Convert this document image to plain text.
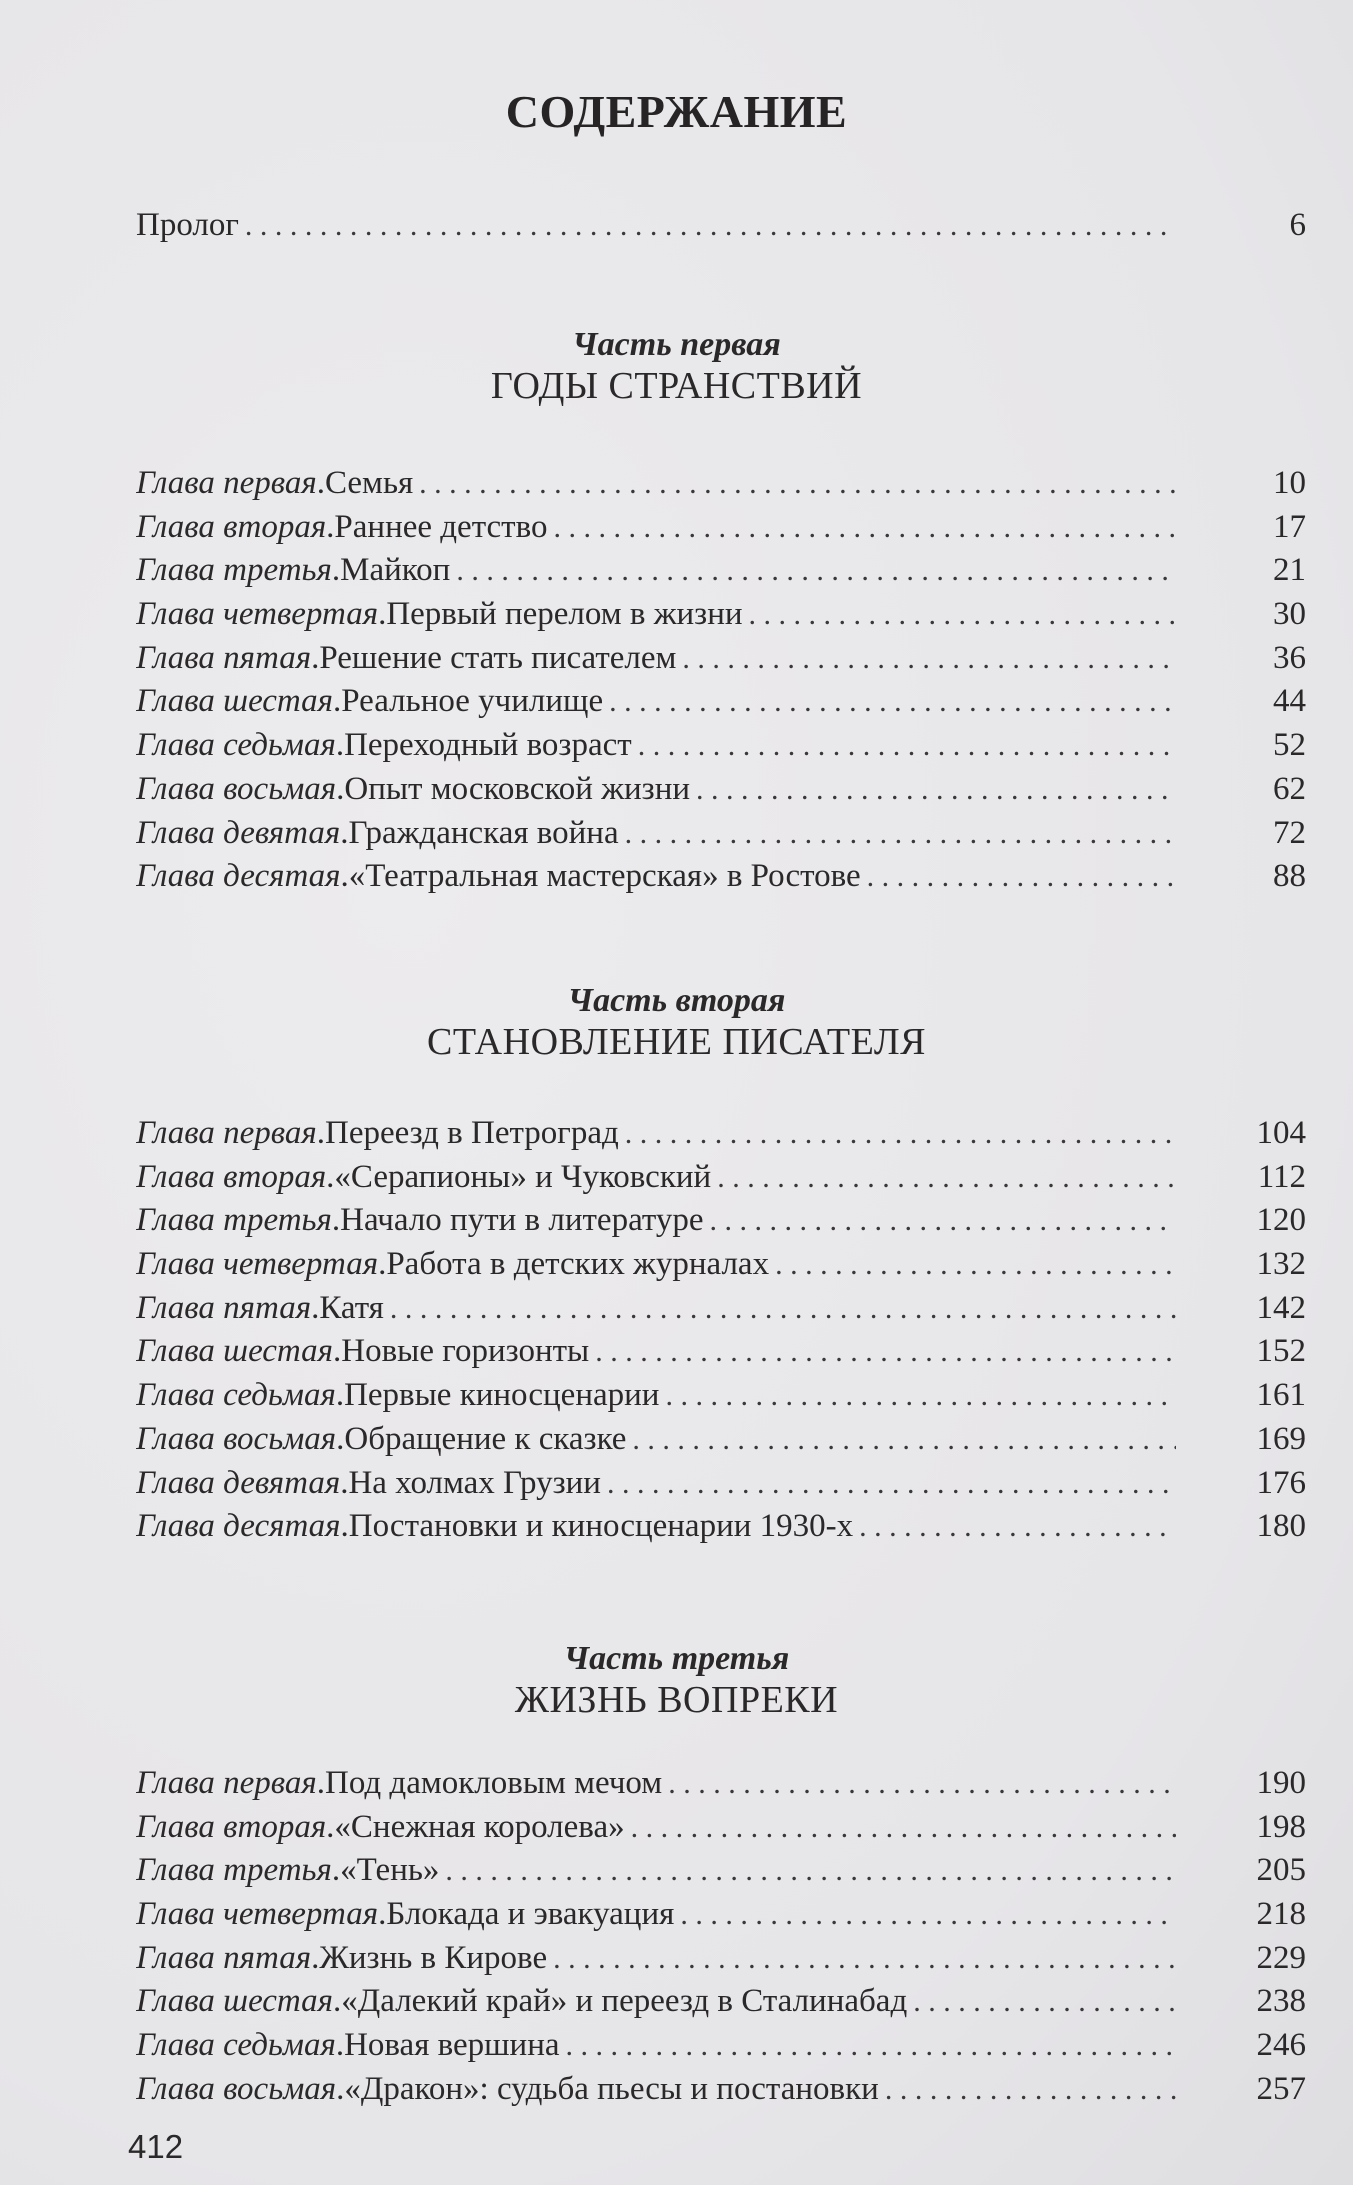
СОДЕРЖАНИЕ
Пролог . . .	6
Часть первая
ГОДЫ СТРАНСТВИЙ
Глава первая . Семья . . .	10
Глава вторая . Раннее детство . . .	17
Глава третья . Майкоп . . .	21
Глава четвертая . Первый перелом в жизни . . .	30
Глава пятая . Решение стать писателем . . .	36
Глава шестая . Реальное училище . . .	44
Глава седьмая . Переходный возраст . . .	52
Глава восьмая . Опыт московской жизни . . .	62
Глава девятая . Гражданская война . . .	72
Глава десятая . «Театральная мастерская» в Ростове . . .	88
Часть вторая
СТАНОВЛЕНИЕ ПИСАТЕЛЯ
Глава первая . Переезд в Петроград . . .	104
Глава вторая . «Серапионы» и Чуковский . . .	112
Глава третья . Начало пути в литературе . . .	120
Глава четвертая . Работа в детских журналах . . .	132
Глава пятая . Катя . . .	142
Глава шестая . Новые горизонты . . .	152
Глава седьмая . Первые киносценарии . . .	161
Глава восьмая . Обращение к сказке . . .	169
Глава девятая . На холмах Грузии . . .	176
Глава десятая . Постановки и киносценарии 1930-х . . .	180
Часть третья
ЖИЗНЬ ВОПРЕКИ
Глава первая . Под дамокловым мечом . . .	190
Глава вторая . «Снежная королева» . . .	198
Глава третья . «Тень» . . .	205
Глава четвертая . Блокада и эвакуация . . .	218
Глава пятая . Жизнь в Кирове . . .	229
Глава шестая . «Далекий край» и переезд в Сталинабад . . .	238
Глава седьмая . Новая вершина . . .	246
Глава восьмая . «Дракон»: судьба пьесы и постановки . . .	257
412
